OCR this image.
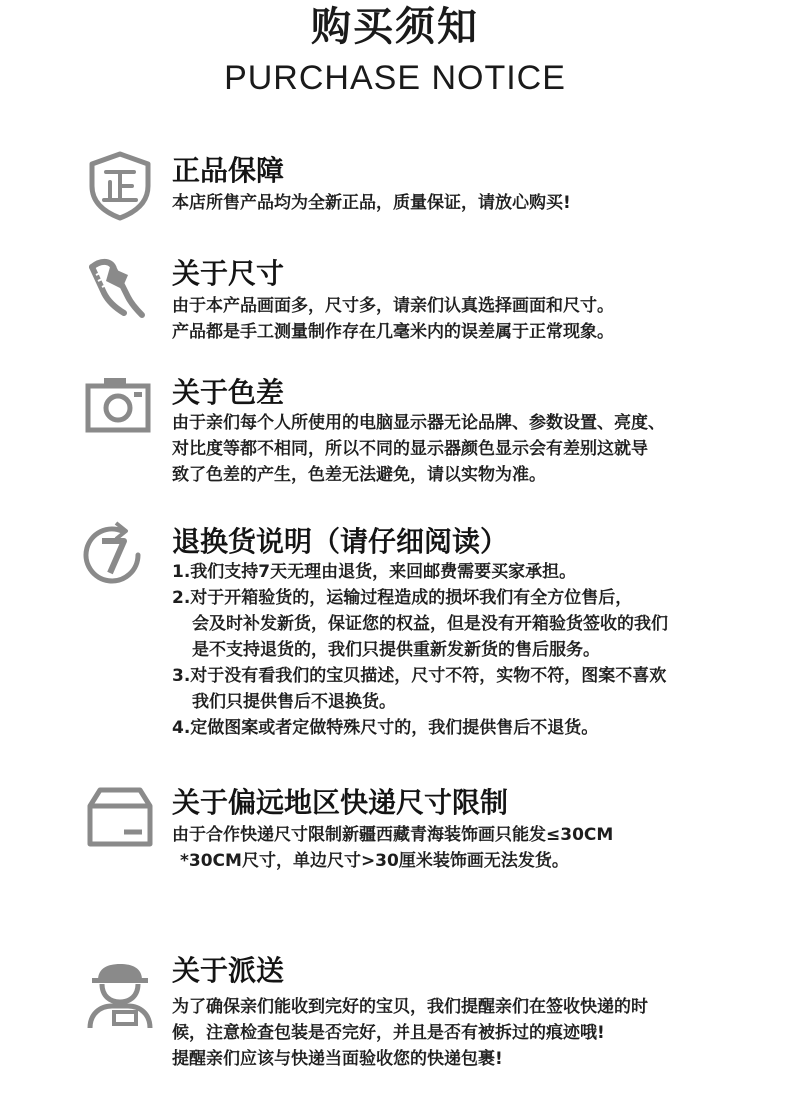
购买须知
PURCHASE NOTICE
正品保障
本店所售产品均为全新正品，质量保证，请放心购买!
关于尺寸
由于本产品画面多，尺寸多，请亲们认真选择画面和尺寸。
产品都是手工测量制作存在几毫米内的误差属于正常现象。
关于色差
由于亲们每个人所使用的电脑显示器无论品牌、参数设置、亮度、
对比度等都不相同，所以不同的显示器颜色显示会有差别这就导
致了色差的产生，色差无法避免，请以实物为准。
退换货说明（请仔细阅读）
1.我们支持7天无理由退货，来回邮费需要买家承担。
2.对于开箱验货的，运输过程造成的损坏我们有全方位售后，
会及时补发新货，保证您的权益，但是没有开箱验货签收的我们
是不支持退货的，我们只提供重新发新货的售后服务。
3.对于没有看我们的宝贝描述，尺寸不符，实物不符，图案不喜欢
我们只提供售后不退换货。
4.定做图案或者定做特殊尺寸的，我们提供售后不退货。
关于偏远地区快递尺寸限制
由于合作快递尺寸限制新疆西藏青海装饰画只能发≤30CM
*30CM尺寸，单边尺寸>30厘米装饰画无法发货。
关于派送
为了确保亲们能收到完好的宝贝，我们提醒亲们在签收快递的时
候，注意检查包装是否完好，并且是否有被拆过的痕迹哦!
提醒亲们应该与快递当面验收您的快递包裹!
